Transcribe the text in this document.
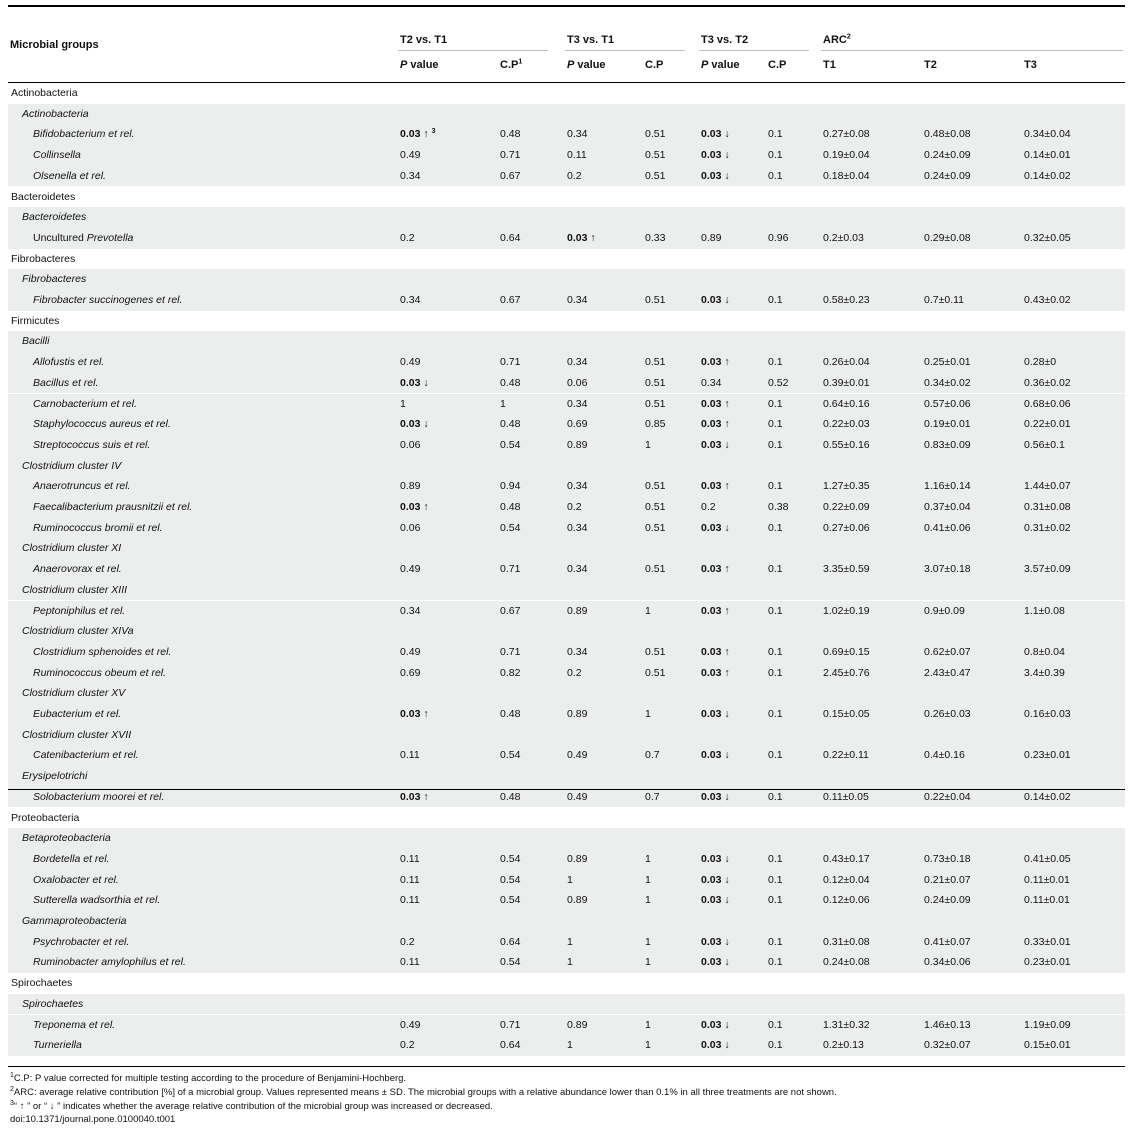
Microbial groups	T2 vs. T1	T3 vs. T1	T3 vs. T2	ARC$^2$
P value	$C.P^1$	P value	C.P	P value	C.P	T1	T2	T3
Actinobacteria
Actinobacteria
Bifidobacterium et rel.	0.03 ↑ $^3$	0.48	0.34	0.51	0.03 ↓	0.1	0.27±0.08	0.48±0.08	0.34±0.04
Collinsella	0.49	0.71	0.11	0.51	0.03 ↓	0.1	0.19±0.04	0.24±0.09	0.14±0.01
Olsenella et rel.	0.34	0.67	0.2	0.51	0.03 ↓	0.1	0.18±0.04	0.24±0.09	0.14±0.02
Bacteroidetes
Bacteroidetes
Uncultured Prevotella	0.2	0.64	0.03 ↑	0.33	0.89	0.96	0.2±0.03	0.29±0.08	0.32±0.05
Fibrobacteres
Fibrobacteres
Fibrobacter succinogenes et rel.	0.34	0.67	0.34	0.51	0.03 ↓	0.1	0.58±0.23	0.7±0.11	0.43±0.02
Firmicutes
Bacilli
Allofustis et rel.	0.49	0.71	0.34	0.51	0.03 ↑	0.1	0.26±0.04	0.25±0.01	0.28±0
Bacillus et rel.	0.03 ↓	0.48	0.06	0.51	0.34	0.52	0.39±0.01	0.34±0.02	0.36±0.02
Carnobacterium et rel.	1	1	0.34	0.51	0.03 ↑	0.1	0.64±0.16	0.57±0.06	0.68±0.06
Staphylococcus aureus et rel.	0.03 ↓	0.48	0.69	0.85	0.03 ↑	0.1	0.22±0.03	0.19±0.01	0.22±0.01
Streptococcus suis et rel.	0.06	0.54	0.89	1	0.03 ↓	0.1	0.55±0.16	0.83±0.09	0.56±0.1
Clostridium cluster IV
Anaerotruncus et rel.	0.89	0.94	0.34	0.51	0.03 ↑	0.1	1.27±0.35	1.16±0.14	1.44±0.07
Faecalibacterium prausnitzii et rel.	0.03 ↑	0.48	0.2	0.51	0.2	0.38	0.22±0.09	0.37±0.04	0.31±0.08
Ruminococcus bromii et rel.	0.06	0.54	0.34	0.51	0.03 ↓	0.1	0.27±0.06	0.41±0.06	0.31±0.02
Clostridium cluster XI
Anaerovorax et rel.	0.49	0.71	0.34	0.51	0.03 ↑	0.1	3.35±0.59	3.07±0.18	3.57±0.09
Clostridium cluster XIII
Peptoniphilus et rel.	0.34	0.67	0.89	1	0.03 ↑	0.1	1.02±0.19	0.9±0.09	1.1±0.08
Clostridium cluster XIVa
Clostridium sphenoides et rel.	0.49	0.71	0.34	0.51	0.03 ↑	0.1	0.69±0.15	0.62±0.07	0.8±0.04
Ruminococcus obeum et rel.	0.69	0.82	0.2	0.51	0.03 ↑	0.1	2.45±0.76	2.43±0.47	3.4±0.39
Clostridium cluster XV
Eubacterium et rel.	0.03 ↑	0.48	0.89	1	0.03 ↓	0.1	0.15±0.05	0.26±0.03	0.16±0.03
Clostridium cluster XVII
Catenibacterium et rel.	0.11	0.54	0.49	0.7	0.03 ↓	0.1	0.22±0.11	0.4±0.16	0.23±0.01
Erysipelotrichi
Solobacterium moorei et rel.	0.03 ↑	0.48	0.49	0.7	0.03 ↓	0.1	0.11±0.05	0.22±0.04	0.14±0.02
Proteobacteria
Betaproteobacteria
Bordetella et rel.	0.11	0.54	0.89	1	0.03 ↓	0.1	0.43±0.17	0.73±0.18	0.41±0.05
Oxalobacter et rel.	0.11	0.54	1	1	0.03 ↓	0.1	0.12±0.04	0.21±0.07	0.11±0.01
Sutterella wadsorthia et rel.	0.11	0.54	0.89	1	0.03 ↓	0.1	0.12±0.06	0.24±0.09	0.11±0.01
Gammaproteobacteria
Psychrobacter et rel.	0.2	0.64	1	1	0.03 ↓	0.1	0.31±0.08	0.41±0.07	0.33±0.01
Ruminobacter amylophilus et rel.	0.11	0.54	1	1	0.03 ↓	0.1	0.24±0.08	0.34±0.06	0.23±0.01
Spirochaetes
Spirochaetes
Treponema et rel.	0.49	0.71	0.89	1	0.03 ↓	0.1	1.31±0.32	1.46±0.13	1.19±0.09
Turneriella	0.2	0.64	1	1	0.03 ↓	0.1	0.2±0.13	0.32±0.07	0.15±0.01
$^1$C.P: P value corrected for multiple testing according to the procedure of Benjamini-Hochberg.
$^2$ARC: average relative contribution [%] of a microbial group. Values represented means ± SD. The microbial groups with a relative abundance lower than 0.1% in all three treatments are not shown.
$^3$“ ↑ ” or “ ↓ ” indicates whether the average relative contribution of the microbial group was increased or decreased.
doi:10.1371/journal.pone.0100040.t001
